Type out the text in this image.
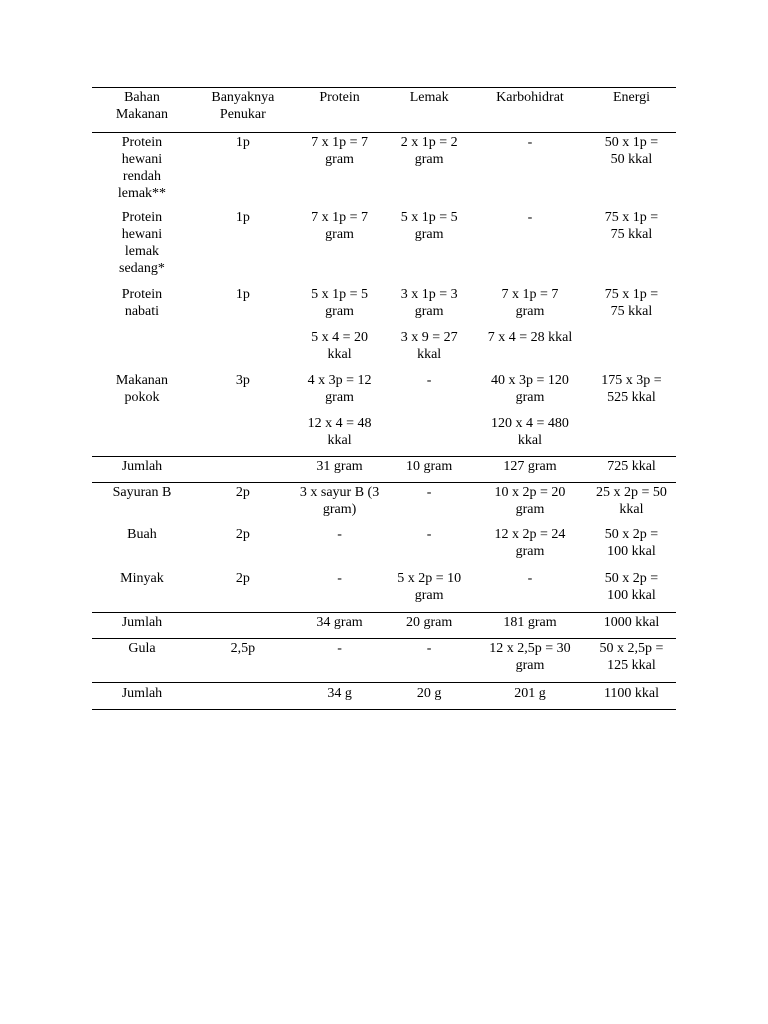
Bahan Makanan	Banyaknya Penukar	Protein	Lemak	Karbohidrat	Energi

Protein hewani rendah lemak**	1p	7 x 1p = 7 gram	2 x 1p = 2 gram	-	50 x 1p = 50 kkal

Protein hewani lemak sedang*	1p	7 x 1p = 7 gram	5 x 1p = 5 gram	-	75 x 1p = 75 kkal

Protein nabati	1p	5 x 1p = 5 gram	3 x 1p = 3 gram	7 x 1p = 7 gram	75 x 1p = 75 kkal

		5 x 4 = 20 kkal	3 x 9 = 27 kkal	7 x 4 = 28 kkal	

Makanan pokok	3p	4 x 3p = 12 gram	-	40 x 3p = 120 gram	175 x 3p = 525 kkal

		12 x 4 = 48 kkal		120 x 4 = 480 kkal	

Jumlah		31 gram	10 gram	127 gram	725 kkal
Sayuran B	2p	3 x sayur B (3 gram)	-	10 x 2p = 20 gram	25 x 2p = 50 kkal

Buah	2p	-	-	12 x 2p = 24 gram	50 x 2p = 100 kkal

Minyak	2p	-	5 x 2p = 10 gram	-	50 x 2p = 100 kkal

Jumlah		34 gram	20 gram	181 gram	1000 kkal
Gula	2,5p	-	-	12 x 2,5p = 30 gram	50 x 2,5p = 125 kkal

Jumlah		34 g	20 g	201 g	1100 kkal
